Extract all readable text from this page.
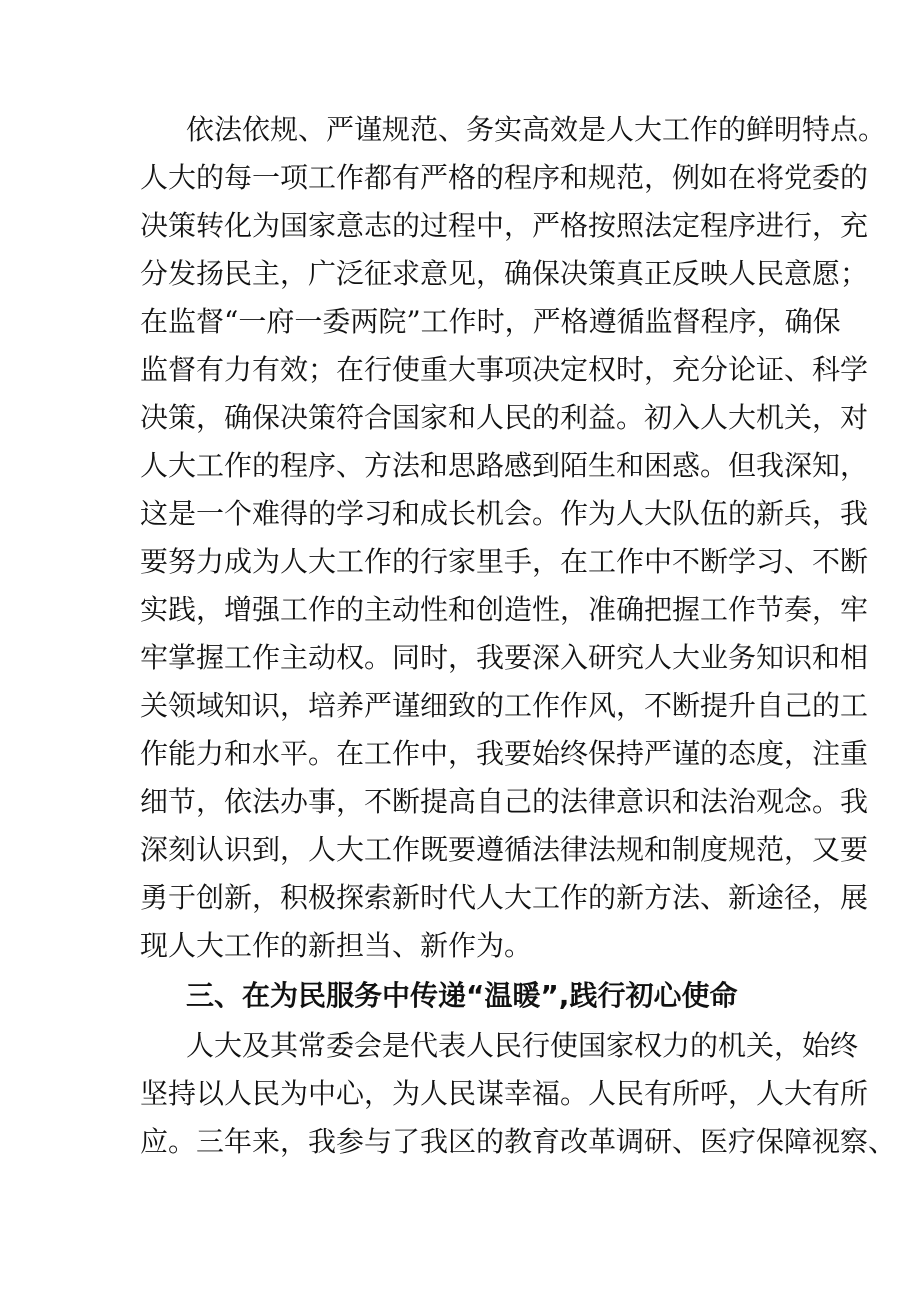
依法依规、严谨规范、务实高效是人大工作的鲜明特点。

人大的每一项工作都有严格的程序和规范，例如在将党委的

决策转化为国家意志的过程中，严格按照法定程序进行，充

分发扬民主，广泛征求意见，确保决策真正反映人民意愿；

在监督“一府一委两院”工作时，严格遵循监督程序，确保

监督有力有效；在行使重大事项决定权时，充分论证、科学

决策，确保决策符合国家和人民的利益。初入人大机关，对

人大工作的程序、方法和思路感到陌生和困惑。但我深知，

这是一个难得的学习和成长机会。作为人大队伍的新兵，我

要努力成为人大工作的行家里手，在工作中不断学习、不断

实践，增强工作的主动性和创造性，准确把握工作节奏，牢

牢掌握工作主动权。同时，我要深入研究人大业务知识和相

关领域知识，培养严谨细致的工作作风，不断提升自己的工

作能力和水平。在工作中，我要始终保持严谨的态度，注重

细节，依法办事，不断提高自己的法律意识和法治观念。我

深刻认识到，人大工作既要遵循法律法规和制度规范，又要

勇于创新，积极探索新时代人大工作的新方法、新途径，展

现人大工作的新担当、新作为。

三、在为民服务中传递“温暖”,践行初心使命

人大及其常委会是代表人民行使国家权力的机关，始终

坚持以人民为中心，为人民谋幸福。人民有所呼，人大有所

应。三年来，我参与了我区的教育改革调研、医疗保障视察、
